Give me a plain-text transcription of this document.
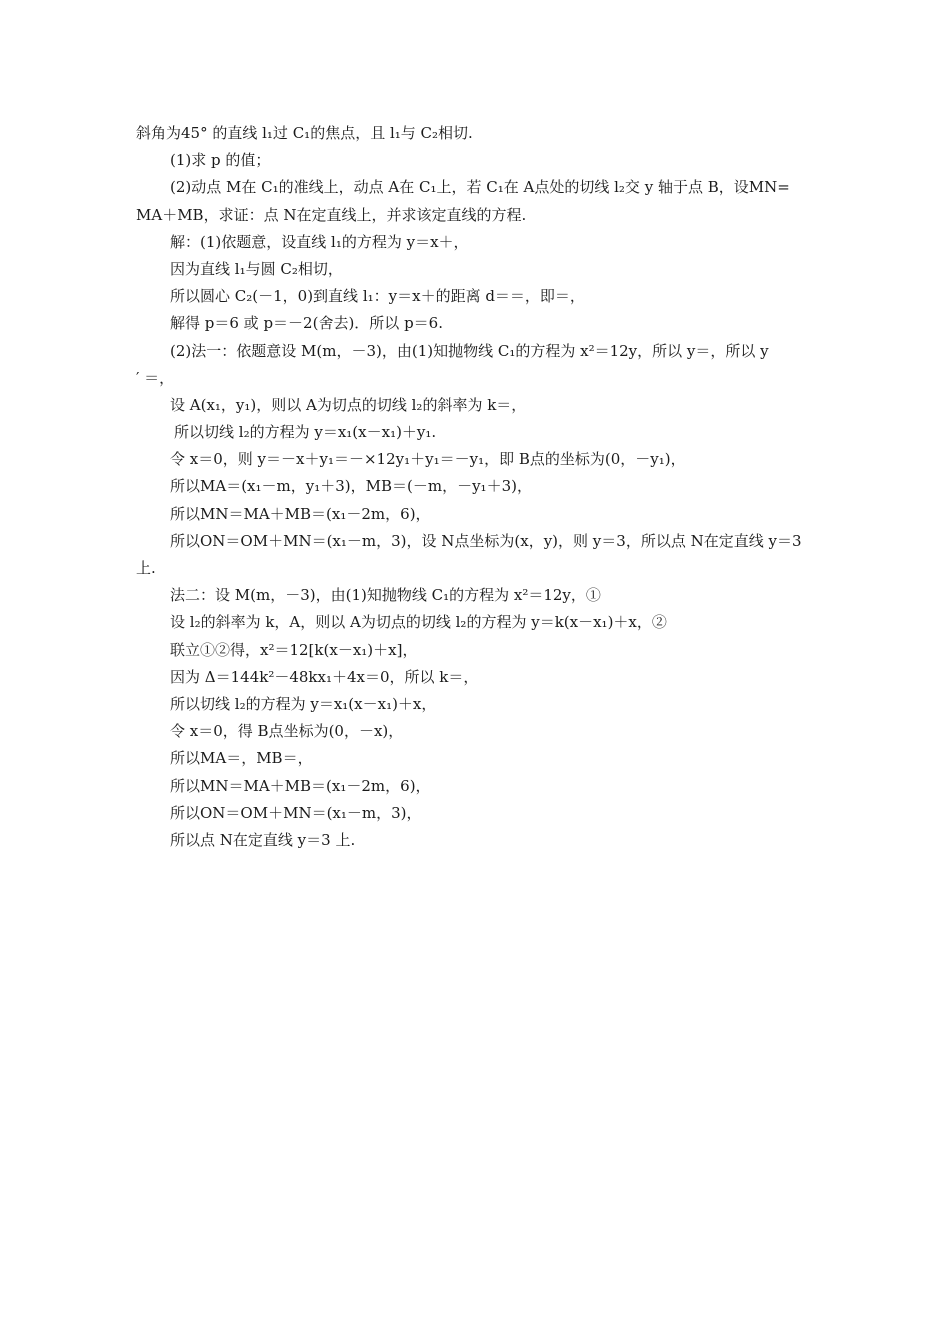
斜角为45° 的直线 l₁过 C₁的焦点，且 l₁与 C₂相切.
(1)求 p 的值；
(2)动点 M在 C₁的准线上，动点 A在 C₁上，若 C₁在 A点处的切线 l₂交 y 轴于点 B，设MN=
MA＋MB，求证：点 N在定直线上，并求该定直线的方程.
解：(1)依题意，设直线 l₁的方程为 y＝x＋，
因为直线 l₁与圆 C₂相切，
所以圆心 C₂(－1，0)到直线 l₁：y＝x＋的距离 d＝＝，即＝，
解得 p＝6 或 p＝－2(舍去)．所以 p＝6.
(2)法一：依题意设 M(m，－3)，由(1)知抛物线 C₁的方程为 x²＝12y，所以 y＝，所以 y
′ ＝，
设 A(x₁，y₁)，则以 A为切点的切线 l₂的斜率为 k＝，
所以切线 l₂的方程为 y＝x₁(x－x₁)＋y₁.
令 x＝0，则 y＝－x＋y₁＝－×12y₁＋y₁＝－y₁，即 B点的坐标为(0，－y₁)，
所以MA＝(x₁－m，y₁＋3)，MB＝(－m，－y₁＋3)，
所以MN＝MA＋MB＝(x₁－2m，6)，
所以ON＝OM＋MN＝(x₁－m，3)，设 N点坐标为(x，y)，则 y＝3，所以点 N在定直线 y＝3
上.
法二：设 M(m，－3)，由(1)知抛物线 C₁的方程为 x²＝12y，①
设 l₂的斜率为 k，A，则以 A为切点的切线 l₂的方程为 y＝k(x－x₁)＋x，②
联立①②得，x²＝12[k(x－x₁)＋x]，
因为 Δ＝144k²－48kx₁＋4x＝0，所以 k＝，
所以切线 l₂的方程为 y＝x₁(x－x₁)＋x，
令 x＝0，得 B点坐标为(0，－x)，
所以MA＝，MB＝，
所以MN＝MA＋MB＝(x₁－2m，6)，
所以ON＝OM＋MN＝(x₁－m，3)，
所以点 N在定直线 y＝3 上.
